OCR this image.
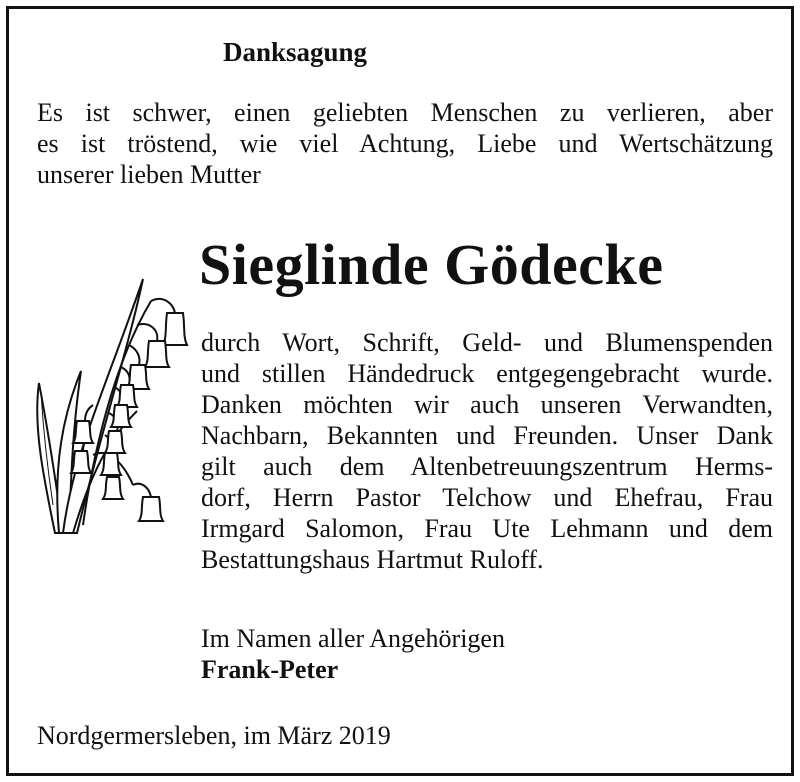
Danksagung
Es ist schwer, einen geliebten Menschen zu verlieren, aber
es ist tröstend, wie viel Achtung, Liebe und Wertschätzung
unserer lieben Mutter
Sieglinde Gödecke
durch Wort, Schrift, Geld- und Blumenspenden
und stillen Händedruck entgegengebracht wurde.
Danken möchten wir auch unseren Verwandten,
Nachbarn, Bekannten und Freunden. Unser Dank
gilt auch dem Altenbetreuungszentrum Herms-
dorf, Herrn Pastor Telchow und Ehefrau, Frau
Irmgard Salomon, Frau Ute Lehmann und dem
Bestattungshaus Hartmut Ruloff.
Im Namen aller Angehörigen
Frank-Peter
Nordgermersleben, im März 2019
